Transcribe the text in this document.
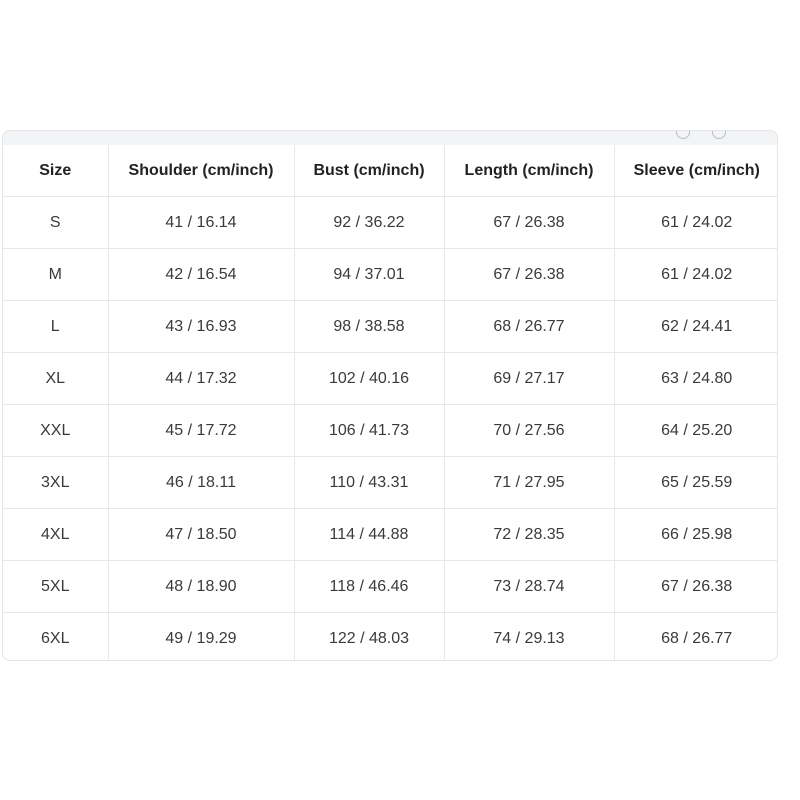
Size	Shoulder (cm/inch)	Bust (cm/inch)	Length (cm/inch)	Sleeve (cm/inch)
S	41 / 16.14	92 / 36.22	67 / 26.38	61 / 24.02
M	42 / 16.54	94 / 37.01	67 / 26.38	61 / 24.02
L	43 / 16.93	98 / 38.58	68 / 26.77	62 / 24.41
XL	44 / 17.32	102 / 40.16	69 / 27.17	63 / 24.80
XXL	45 / 17.72	106 / 41.73	70 / 27.56	64 / 25.20
3XL	46 / 18.11	110 / 43.31	71 / 27.95	65 / 25.59
4XL	47 / 18.50	114 / 44.88	72 / 28.35	66 / 25.98
5XL	48 / 18.90	118 / 46.46	73 / 28.74	67 / 26.38
6XL	49 / 19.29	122 / 48.03	74 / 29.13	68 / 26.77
